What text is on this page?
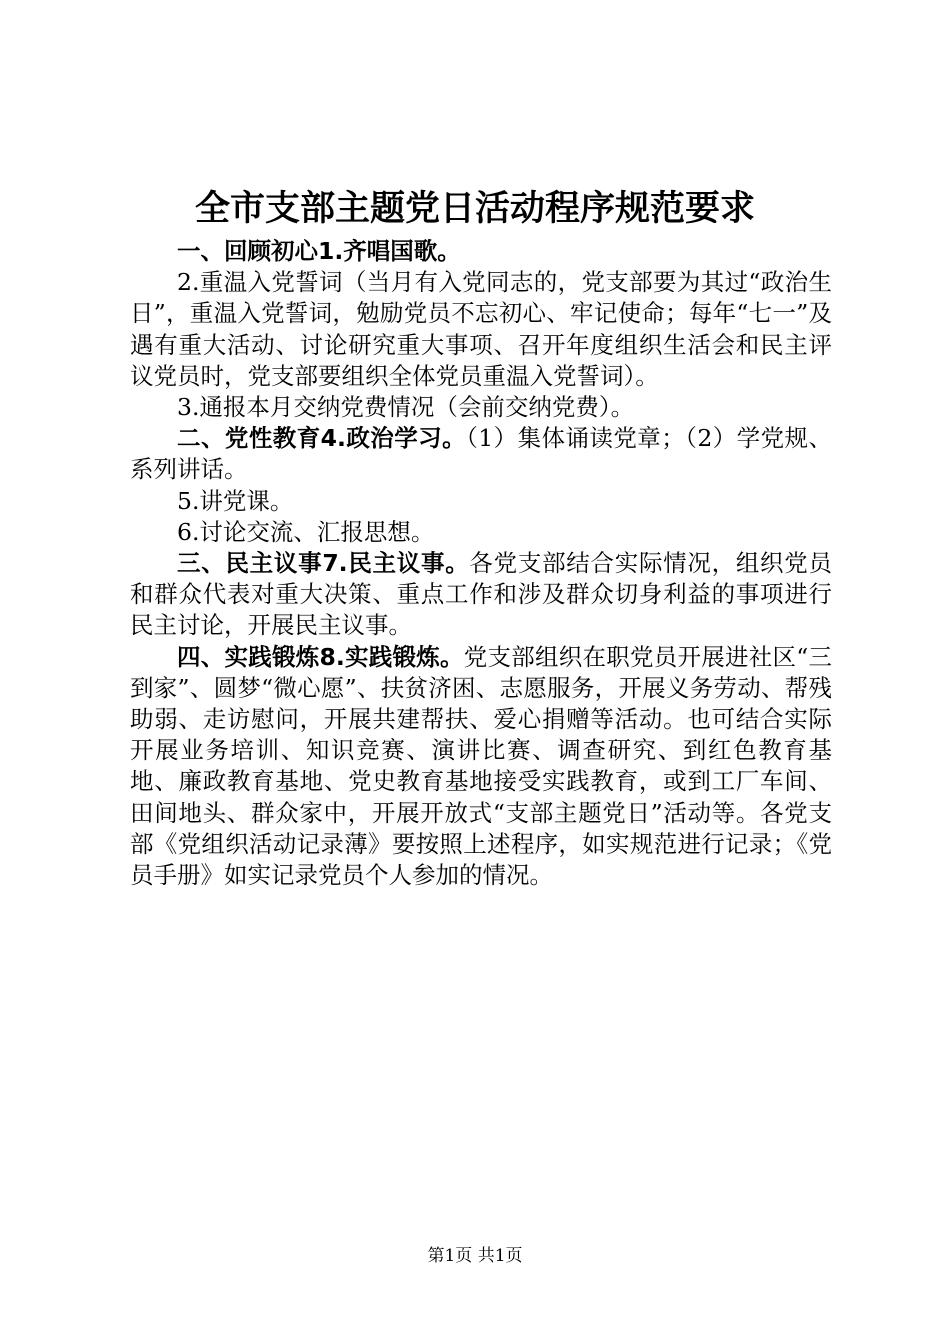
全市支部主题党日活动程序规范要求

一、回顾初心1.齐唱国歌。

2.重温入党誓词（当月有入党同志的，党支部要为其过“政治生日”，重温入党誓词，勉励党员不忘初心、牢记使命；每年“七一”及遇有重大活动、讨论研究重大事项、召开年度组织生活会和民主评议党员时，党支部要组织全体党员重温入党誓词）。

3.通报本月交纳党费情况（会前交纳党费）。

二、党性教育4.政治学习。（1）集体诵读党章；（2）学党规、系列讲话。

5.讲党课。

6.讨论交流、汇报思想。

三、民主议事7.民主议事。各党支部结合实际情况，组织党员和群众代表对重大决策、重点工作和涉及群众切身利益的事项进行民主讨论，开展民主议事。

四、实践锻炼8.实践锻炼。党支部组织在职党员开展进社区“三到家”、圆梦“微心愿”、扶贫济困、志愿服务，开展义务劳动、帮残助弱、走访慰问，开展共建帮扶、爱心捐赠等活动。也可结合实际开展业务培训、知识竞赛、演讲比赛、调查研究、到红色教育基地、廉政教育基地、党史教育基地接受实践教育，或到工厂车间、田间地头、群众家中，开展开放式“支部主题党日”活动等。各党支部《党组织活动记录薄》要按照上述程序，如实规范进行记录；《党员手册》如实记录党员个人参加的情况。

第1页 共1页
